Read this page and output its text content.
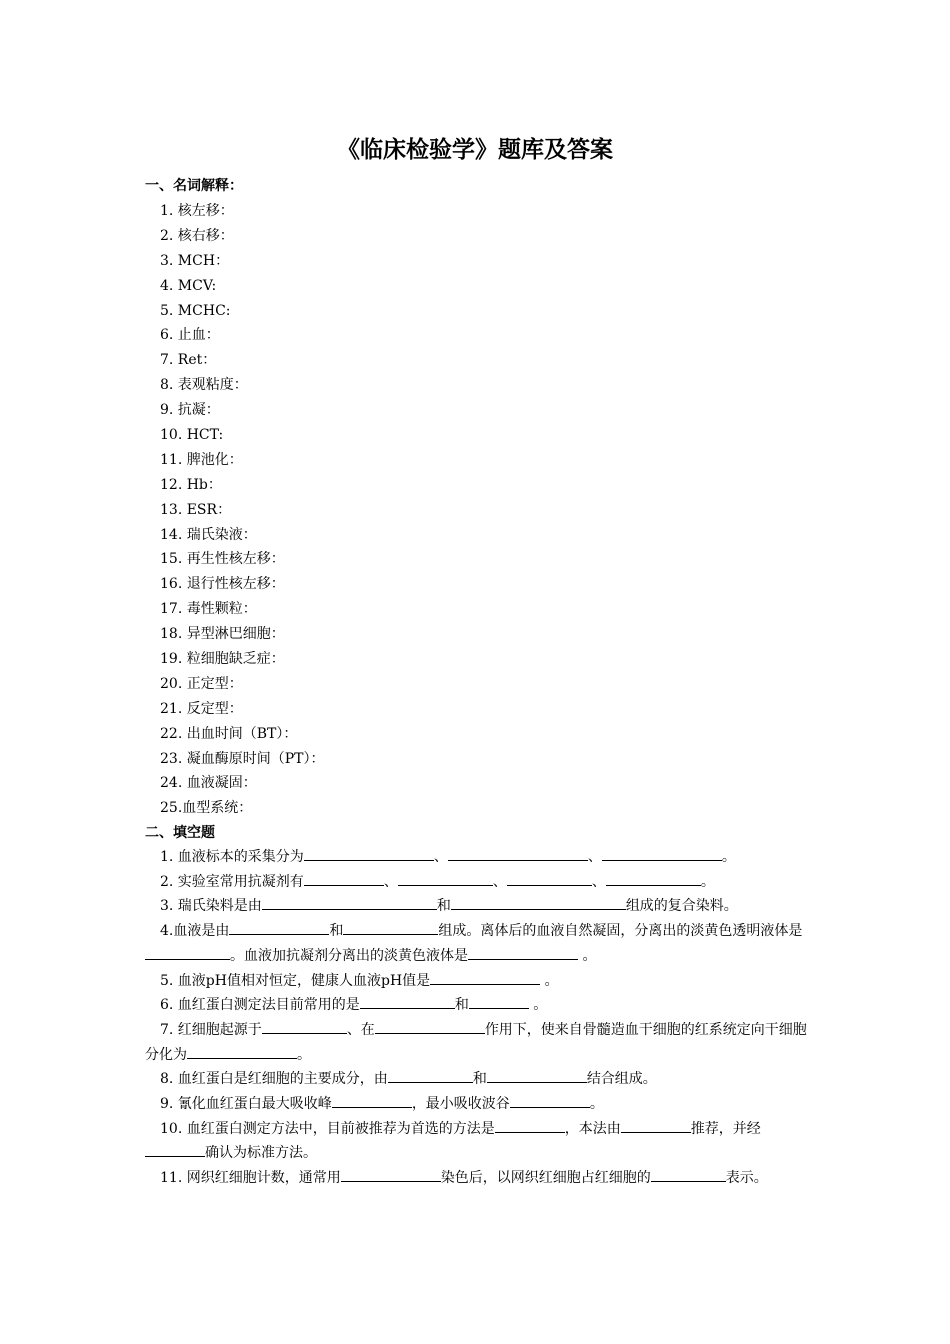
《临床检验学》题库及答案

一、名词解释：

1. 核左移：
2. 核右移：
3. MCH：
4. MCV:
5. MCHC:
6. 止血：
7. Ret：
8. 表观粘度：
9. 抗凝：
10. HCT:
11. 脾池化：
12. Hb：
13. ESR：
14. 瑞氏染液：
15. 再生性核左移：
16. 退行性核左移：
17. 毒性颗粒：
18. 异型淋巴细胞：
19. 粒细胞缺乏症：
20. 正定型：
21. 反定型：
22. 出血时间（BT）：
23. 凝血酶原时间（PT）：
24. 血液凝固：
25.血型系统：

二、填空题

1. 血液标本的采集分为	、	、	。

2. 实验室常用抗凝剂有	、	、	、	。

3. 瑞氏染料是由	和	组成的复合染料。

4.血液是由	和	组成。离体后的血液自然凝固，分离出的淡黄色透明液体是。血液加抗凝剂分离出的淡黄色液体是	。

5. 血液pH值相对恒定，健康人血液pH值是	。

6. 血红蛋白测定法目前常用的是	和	。

7. 红细胞起源于	、在	作用下，使来自骨髓造血干细胞的红系统定向干细胞分化为	。

8. 血红蛋白是红细胞的主要成分，由	和	结合组成。

9. 氰化血红蛋白最大吸收峰	，最小吸收波谷	。

10. 血红蛋白测定方法中，目前被推荐为首选的方法是	，本法由	推荐，并经确认为标准方法。

11. 网织红细胞计数，通常用	染色后，以网织红细胞占红细胞的	表示。
